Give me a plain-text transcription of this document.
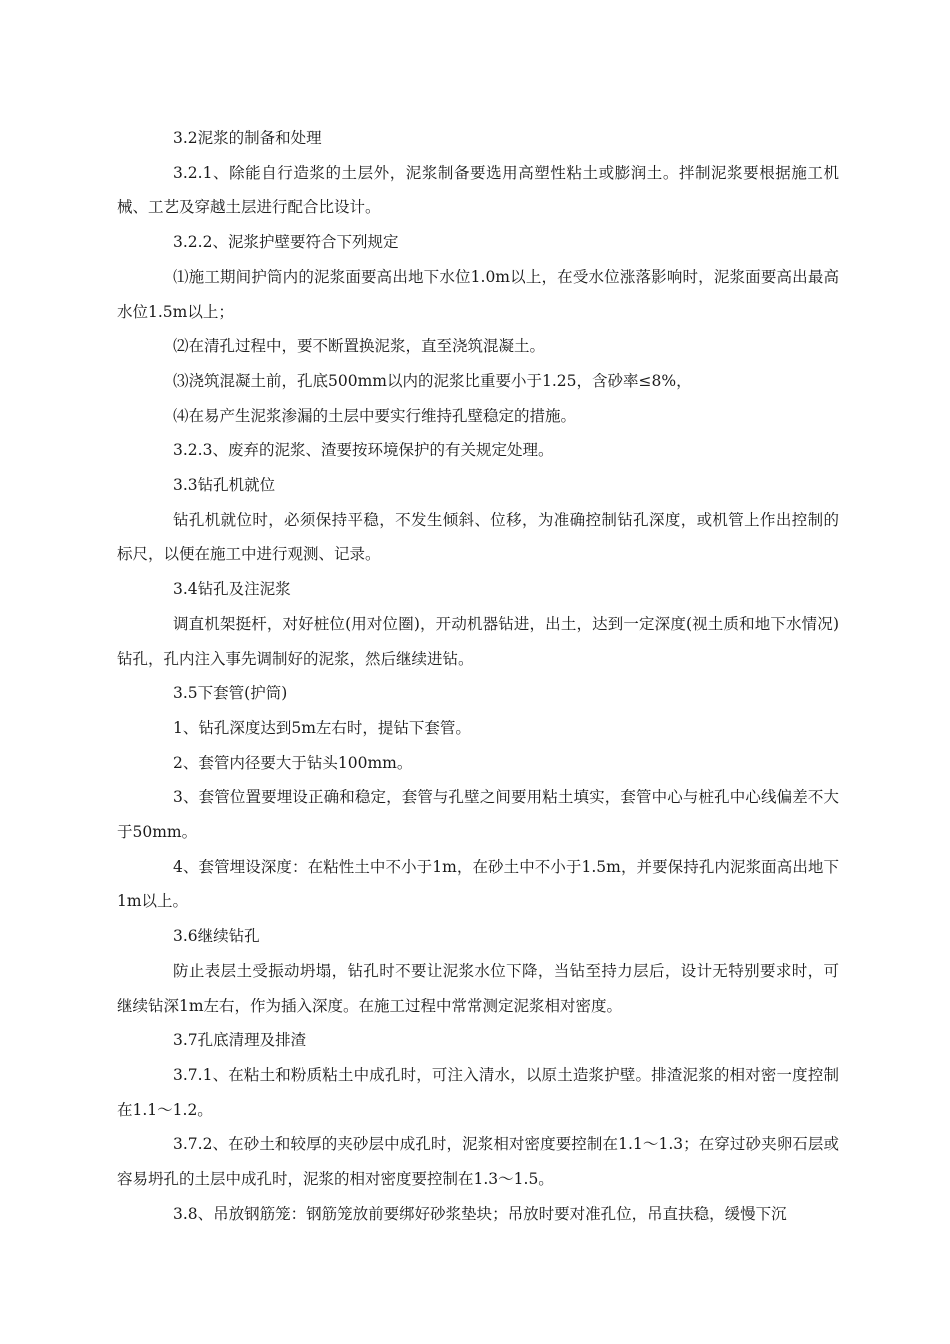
3.2泥浆的制备和处理

3.2.1、除能自行造浆的土层外，泥浆制备要选用高塑性粘土或膨润土。拌制泥浆要根据施工机械、工艺及穿越土层进行配合比设计。

3.2.2、泥浆护壁要符合下列规定

⑴施工期间护筒内的泥浆面要高出地下水位1.0m以上，在受水位涨落影响时，泥浆面要高出最高水位1.5m以上；

⑵在清孔过程中，要不断置换泥浆，直至浇筑混凝土。

⑶浇筑混凝土前，孔底500mm以内的泥浆比重要小于1.25，含砂率≤8%，

⑷在易产生泥浆渗漏的土层中要实行维持孔壁稳定的措施。

3.2.3、废弃的泥浆、渣要按环境保护的有关规定处理。

3.3钻孔机就位

钻孔机就位时，必须保持平稳，不发生倾斜、位移，为准确控制钻孔深度，或机管上作出控制的标尺，以便在施工中进行观测、记录。

3.4钻孔及注泥浆

调直机架挺杆，对好桩位(用对位圈)，开动机器钻进，出土，达到一定深度(视土质和地下水情况)钻孔，孔内注入事先调制好的泥浆，然后继续进钻。

3.5下套管(护筒)

1、钻孔深度达到5m左右时，提钻下套管。

2、套管内径要大于钻头100mm。

3、套管位置要埋设正确和稳定，套管与孔壁之间要用粘土填实，套管中心与桩孔中心线偏差不大于50mm。

4、套管埋设深度：在粘性土中不小于1m，在砂土中不小于1.5m，并要保持孔内泥浆面高出地下1m以上。

3.6继续钻孔

防止表层土受振动坍塌，钻孔时不要让泥浆水位下降，当钻至持力层后，设计无特别要求时，可继续钻深1m左右，作为插入深度。在施工过程中常常测定泥浆相对密度。

3.7孔底清理及排渣

3.7.1、在粘土和粉质粘土中成孔时，可注入清水，以原土造浆护壁。排渣泥浆的相对密一度控制在1.1～1.2。

3.7.2、在砂土和较厚的夹砂层中成孔时，泥浆相对密度要控制在1.1～1.3；在穿过砂夹卵石层或容易坍孔的土层中成孔时，泥浆的相对密度要控制在1.3～1.5。

3.8、吊放钢筋笼：钢筋笼放前要绑好砂浆垫块；吊放时要对准孔位，吊直扶稳，缓慢下沉
